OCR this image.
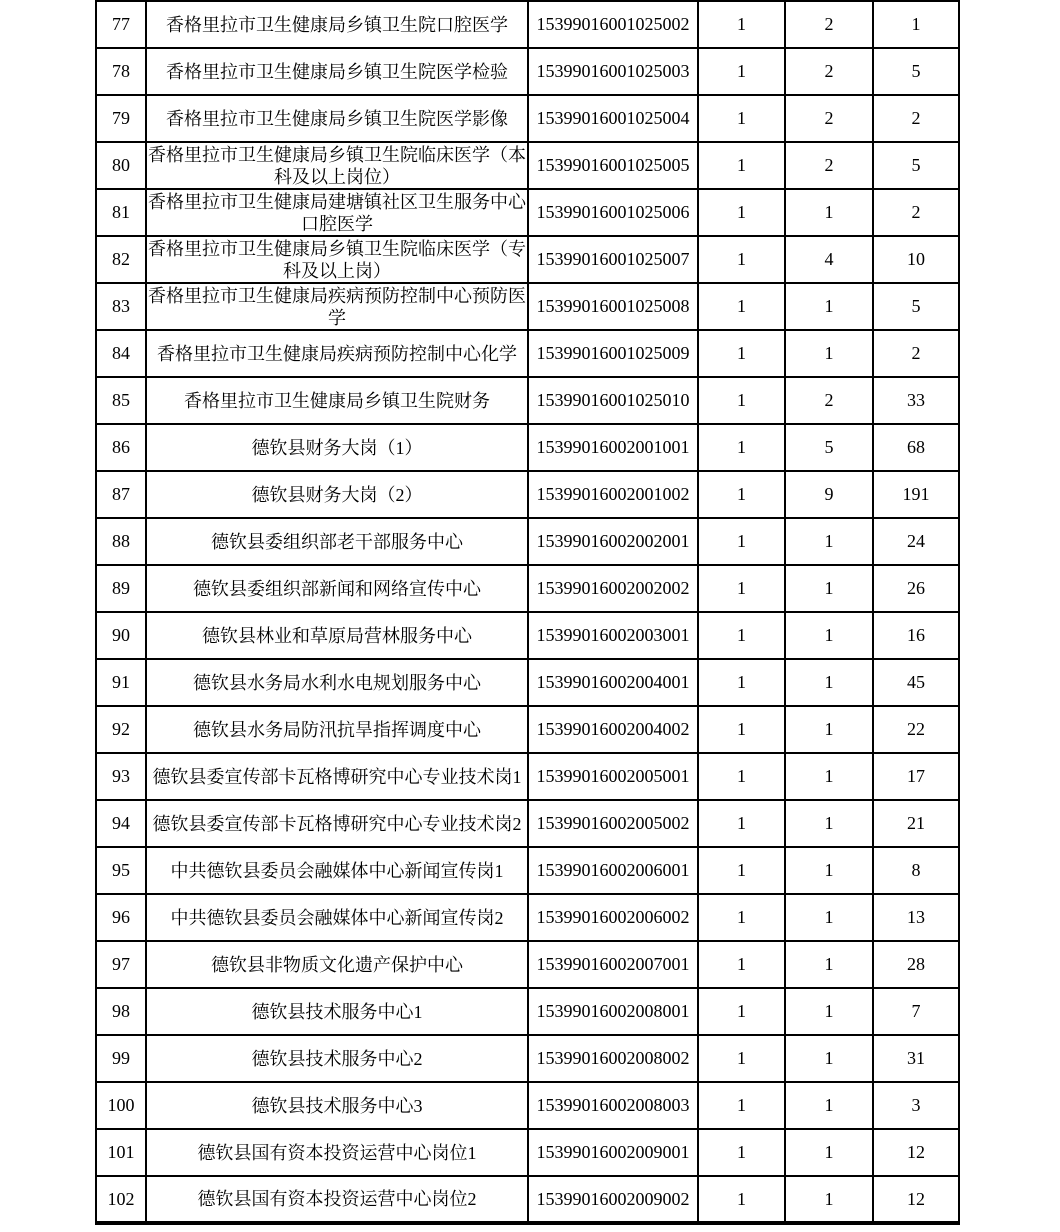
77	香格里拉市卫生健康局乡镇卫生院口腔医学	15399016001025002	1	2	1
78	香格里拉市卫生健康局乡镇卫生院医学检验	15399016001025003	1	2	5
79	香格里拉市卫生健康局乡镇卫生院医学影像	15399016001025004	1	2	2
80	香格里拉市卫生健康局乡镇卫生院临床医学（本科及以上岗位）	15399016001025005	1	2	5
81	香格里拉市卫生健康局建塘镇社区卫生服务中心口腔医学	15399016001025006	1	1	2
82	香格里拉市卫生健康局乡镇卫生院临床医学（专科及以上岗）	15399016001025007	1	4	10
83	香格里拉市卫生健康局疾病预防控制中心预防医学	15399016001025008	1	1	5
84	香格里拉市卫生健康局疾病预防控制中心化学	15399016001025009	1	1	2
85	香格里拉市卫生健康局乡镇卫生院财务	15399016001025010	1	2	33
86	德钦县财务大岗（1）	15399016002001001	1	5	68
87	德钦县财务大岗（2）	15399016002001002	1	9	191
88	德钦县委组织部老干部服务中心	15399016002002001	1	1	24
89	德钦县委组织部新闻和网络宣传中心	15399016002002002	1	1	26
90	德钦县林业和草原局营林服务中心	15399016002003001	1	1	16
91	德钦县水务局水利水电规划服务中心	15399016002004001	1	1	45
92	德钦县水务局防汛抗旱指挥调度中心	15399016002004002	1	1	22
93	德钦县委宣传部卡瓦格博研究中心专业技术岗1	15399016002005001	1	1	17
94	德钦县委宣传部卡瓦格博研究中心专业技术岗2	15399016002005002	1	1	21
95	中共德钦县委员会融媒体中心新闻宣传岗1	15399016002006001	1	1	8
96	中共德钦县委员会融媒体中心新闻宣传岗2	15399016002006002	1	1	13
97	德钦县非物质文化遗产保护中心	15399016002007001	1	1	28
98	德钦县技术服务中心1	15399016002008001	1	1	7
99	德钦县技术服务中心2	15399016002008002	1	1	31
100	德钦县技术服务中心3	15399016002008003	1	1	3
101	德钦县国有资本投资运营中心岗位1	15399016002009001	1	1	12
102	德钦县国有资本投资运营中心岗位2	15399016002009002	1	1	12
